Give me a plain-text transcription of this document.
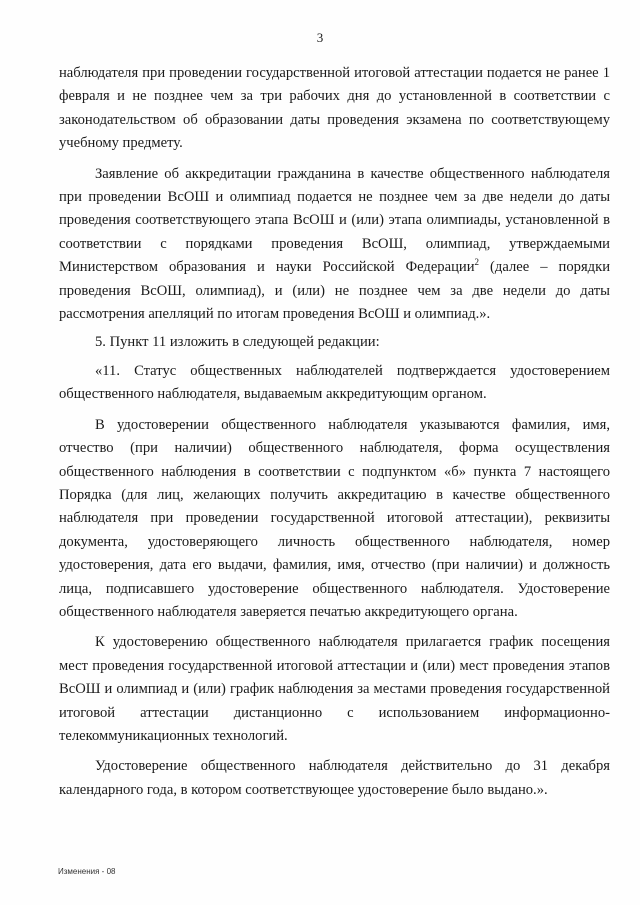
3

наблюдателя при проведении государственной итоговой аттестации подается не ранее 1 февраля и не позднее чем за три рабочих дня до установленной в соответствии с законодательством об образовании даты проведения экзамена по соответствующему учебному предмету.

Заявление об аккредитации гражданина в качестве общественного наблюдателя при проведении ВсОШ и олимпиад подается не позднее чем за две недели до даты проведения соответствующего этапа ВсОШ и (или) этапа олимпиады, установленной в соответствии с порядками проведения ВсОШ, олимпиад, утверждаемыми Министерством образования и науки Российской Федерации$^2$ (далее – порядки проведения ВсОШ, олимпиад), и (или) не позднее чем за две недели до даты рассмотрения апелляций по итогам проведения ВсОШ и олимпиад.».

5. Пункт 11 изложить в следующей редакции:

«11. Статус общественных наблюдателей подтверждается удостоверением общественного наблюдателя, выдаваемым аккредитующим органом.

В удостоверении общественного наблюдателя указываются фамилия, имя, отчество (при наличии) общественного наблюдателя, форма осуществления общественного наблюдения в соответствии с подпунктом «б» пункта 7 настоящего Порядка (для лиц, желающих получить аккредитацию в качестве общественного наблюдателя при проведении государственной итоговой аттестации), реквизиты документа, удостоверяющего личность общественного наблюдателя, номер удостоверения, дата его выдачи, фамилия, имя, отчество (при наличии) и должность лица, подписавшего удостоверение общественного наблюдателя. Удостоверение общественного наблюдателя заверяется печатью аккредитующего органа.

К удостоверению общественного наблюдателя прилагается график посещения мест проведения государственной итоговой аттестации и (или) мест проведения этапов ВсОШ и олимпиад и (или) график наблюдения за местами проведения государственной итоговой аттестации дистанционно с использованием информационно-телекоммуникационных технологий.

Удостоверение общественного наблюдателя действительно до 31 декабря календарного года, в котором соответствующее удостоверение было выдано.».

Изменения - 08
